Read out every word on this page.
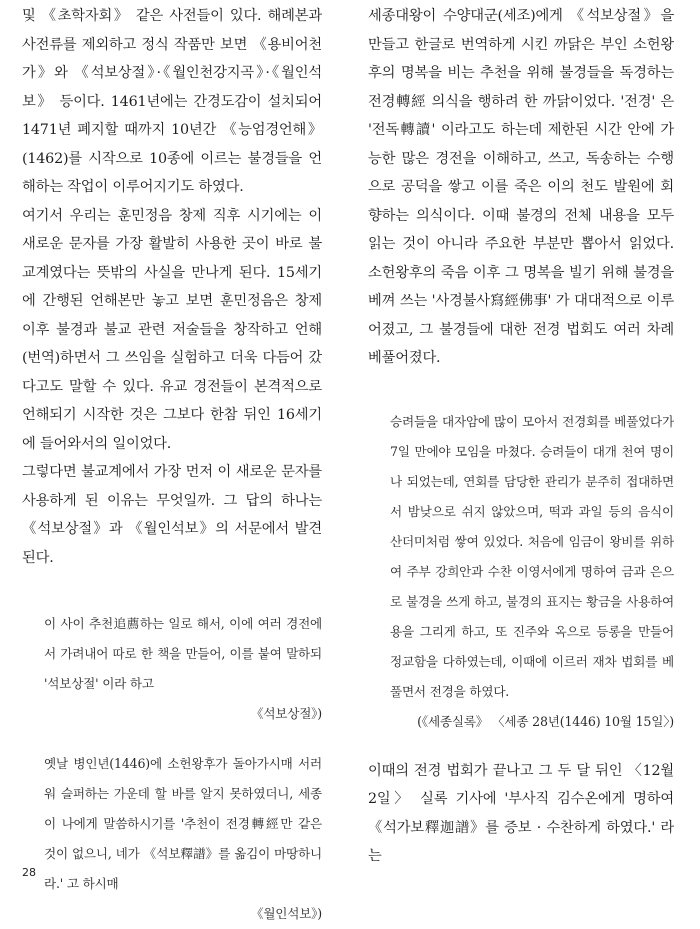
및 《초학자회》 같은 사전들이 있다. 해례본과 사전류를 제외하고 정식 작품만 보면 《용비어천가》와 《석보상절》·《월인천강지곡》·《월인석보》 등이다. 1461년에는 간경도감이 설치되어 1471년 폐지할 때까지 10년간 《능엄경언해》(1462)를 시작으로 10종에 이르는 불경들을 언해하는 작업이 이루어지기도 하였다.

여기서 우리는 훈민정음 창제 직후 시기에는 이 새로운 문자를 가장 활발히 사용한 곳이 바로 불교계였다는 뜻밖의 사실을 만나게 된다. 15세기에 간행된 언해본만 놓고 보면 훈민정음은 창제 이후 불경과 불교 관련 저술들을 창작하고 언해(번역)하면서 그 쓰임을 실험하고 더욱 다듬어 갔다고도 말할 수 있다. 유교 경전들이 본격적으로 언해되기 시작한 것은 그보다 한참 뒤인 16세기에 들어와서의 일이었다.

그렇다면 불교계에서 가장 먼저 이 새로운 문자를 사용하게 된 이유는 무엇일까. 그 답의 하나는 《석보상절》과 《월인석보》의 서문에서 발견된다.

이 사이 추천追薦하는 일로 해서, 이에 여러 경전에서 가려내어 따로 한 책을 만들어, 이를 붙여 말하되 '석보상절' 이라 하고

《석보상절》)

옛날 병인년(1446)에 소헌왕후가 돌아가시매 서러워 슬퍼하는 가운데 할 바를 알지 못하였더니, 세종이 나에게 말씀하시기를 '추천이 전경轉經만 같은 것이 없으니, 네가 《석보釋譜》를 옮김이 마땅하니라.' 고 하시매

《월인석보》)

세종대왕이 수양대군(세조)에게 《석보상절》을 만들고 한글로 번역하게 시킨 까닭은 부인 소헌왕후의 명복을 비는 추천을 위해 불경들을 독경하는 전경轉經 의식을 행하려 한 까닭이었다. '전경' 은 '전독轉讀' 이라고도 하는데 제한된 시간 안에 가능한 많은 경전을 이해하고, 쓰고, 독송하는 수행으로 공덕을 쌓고 이를 죽은 이의 천도 발원에 회향하는 의식이다. 이때 불경의 전체 내용을 모두 읽는 것이 아니라 주요한 부분만 뽑아서 읽었다. 소헌왕후의 죽음 이후 그 명복을 빌기 위해 불경을 베껴 쓰는 '사경불사寫經佛事' 가 대대적으로 이루어졌고, 그 불경들에 대한 전경 법회도 여러 차례 베풀어졌다.

승려들을 대자암에 많이 모아서 전경회를 베풀었다가 7일 만에야 모임을 마쳤다. 승려들이 대개 천여 명이나 되었는데, 연회를 담당한 관리가 분주히 접대하면서 밤낮으로 쉬지 않았으며, 떡과 과일 등의 음식이 산더미처럼 쌓여 있었다. 처음에 임금이 왕비를 위하여 주부 강희안과 수찬 이영서에게 명하여 금과 은으로 불경을 쓰게 하고, 불경의 표지는 황금을 사용하여 용을 그리게 하고, 또 진주와 옥으로 등롱을 만들어 정교함을 다하였는데, 이때에 이르러 재차 법회를 베풀면서 전경을 하였다.

(《세종실록》 〈세종 28년(1446) 10월 15일〉)

이때의 전경 법회가 끝나고 그 두 달 뒤인 〈12월 2일〉 실록 기사에 '부사직 김수온에게 명하여 《석가보釋迦譜》를 증보 · 수찬하게 하였다.' 라는

28
